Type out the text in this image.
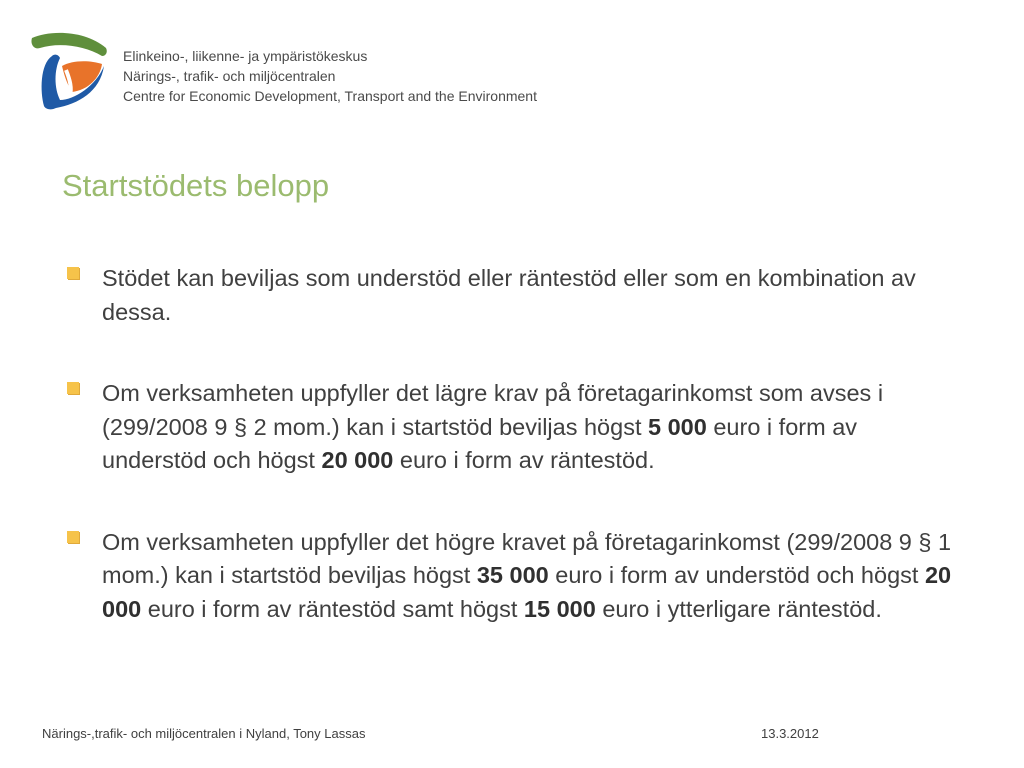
Elinkeino-, liikenne- ja ympäristökeskus
Närings-, trafik- och miljöcentralen
Centre for Economic Development, Transport and the Environment
Startstödets belopp
Stödet kan beviljas som understöd eller räntestöd eller som en kombination av dessa.
Om verksamheten uppfyller det lägre krav på företagarinkomst som avses i (299/2008 9 § 2 mom.) kan i startstöd beviljas högst 5 000 euro i form av understöd och högst 20 000 euro i form av räntestöd.
Om verksamheten uppfyller det högre kravet på företagarinkomst (299/2008 9 § 1 mom.) kan i startstöd beviljas högst 35 000 euro i form av understöd och högst 20 000 euro i form av räntestöd samt högst 15 000 euro i ytterligare räntestöd.
Närings-,trafik- och miljöcentralen i Nyland, Tony Lassas	13.3.2012
